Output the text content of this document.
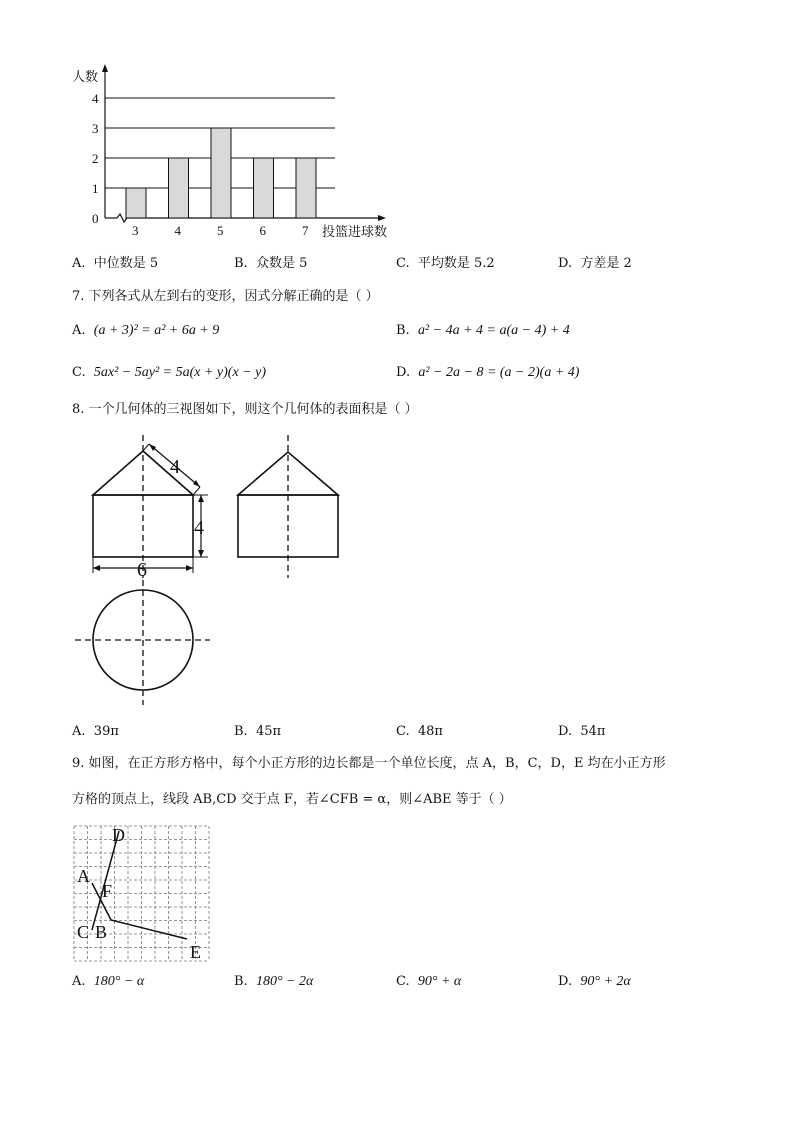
0
1
2
3
4
3	4	5	6	7
人数
投篮进球数
A. 中位数是 5	B. 众数是 5	C. 平均数是 5.2	D. 方差是 2
7. 下列各式从左到右的变形，因式分解正确的是（ ）
A. (a + 3)² = a² + 6a + 9	B. a² − 4a + 4 = a(a − 4) + 4
C. 5ax² − 5ay² = 5a(x + y)(x − y)	D. a² − 2a − 8 = (a − 2)(a + 4)
8. 一个几何体的三视图如下，则这个几何体的表面积是（ ）
4
4
6
A. 39π	B. 45π	C. 48π	D. 54π
9. 如图，在正方形方格中，每个小正方形的边长都是一个单位长度，点 A，B，C，D，E 均在小正方形
方格的顶点上，线段 AB,CD 交于点 F，若∠CFB = α，则∠ABE 等于（ ）
D
A
F
C B
E
A. 180° − α	B. 180° − 2α	C. 90° + α	D. 90° + 2α
